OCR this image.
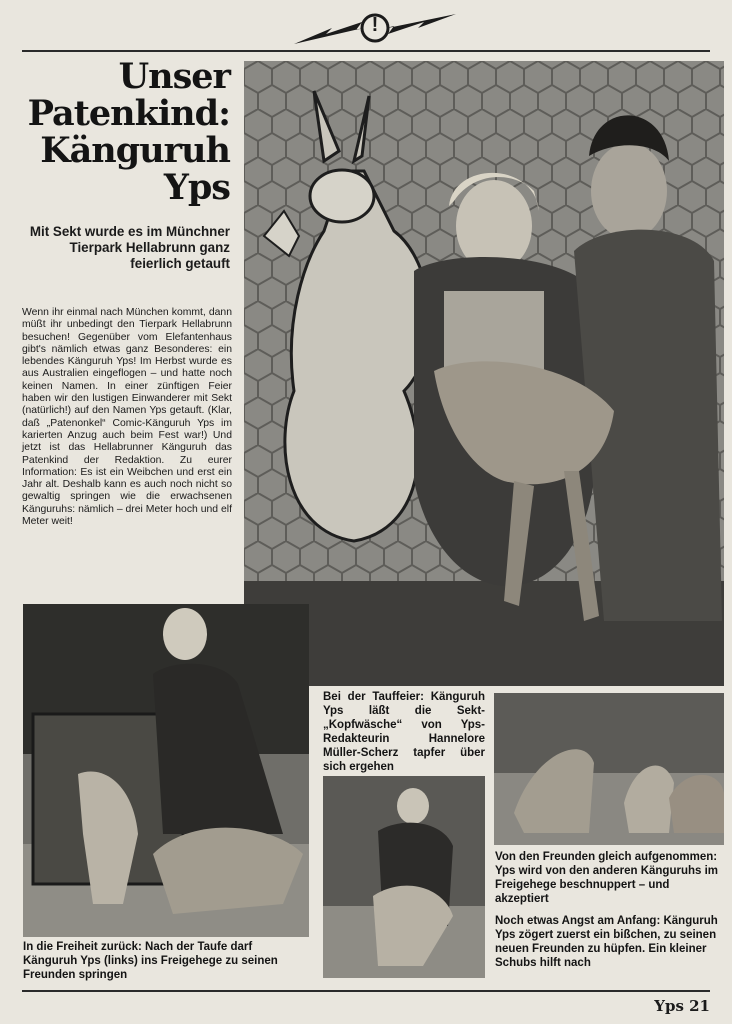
!
Unser
Patenkind:
Känguruh
Yps
Mit Sekt wurde es im Münchner Tierpark Hellabrunn ganz feierlich getauft
Wenn ihr einmal nach München kommt, dann müßt ihr unbedingt den Tierpark Hellabrunn besuchen! Gegenüber vom Elefantenhaus gibt's nämlich etwas ganz Besonderes: ein lebendes Känguruh Yps! Im Herbst wurde es aus Australien eingeflogen – und hatte noch keinen Namen. In einer zünftigen Feier haben wir den lustigen Einwanderer mit Sekt (natürlich!) auf den Namen Yps getauft. (Klar, daß „Patenonkel“ Comic-Känguruh Yps im karierten Anzug auch beim Fest war!) Und jetzt ist das Hellabrunner Känguruh das Patenkind der Redaktion. Zu eurer Information: Es ist ein Weibchen und erst ein Jahr alt. Deshalb kann es auch noch nicht so gewaltig springen wie die erwachsenen Känguruhs: nämlich – drei Meter hoch und elf Meter weit!
Bei der Tauffeier: Känguruh Yps läßt die Sekt-„Kopfwäsche“ von Yps-Redakteurin Hannelore Müller-Scherz tapfer über sich ergehen
In die Freiheit zurück: Nach der Taufe darf Känguruh Yps (links) ins Freigehege zu seinen Freunden springen
Von den Freunden gleich aufgenommen: Yps wird von den anderen Känguruhs im Freigehege beschnuppert – und akzeptiert
Noch etwas Angst am Anfang: Känguruh Yps zögert zuerst ein bißchen, zu seinen neuen Freunden zu hüpfen. Ein kleiner Schubs hilft nach
Yps 21
